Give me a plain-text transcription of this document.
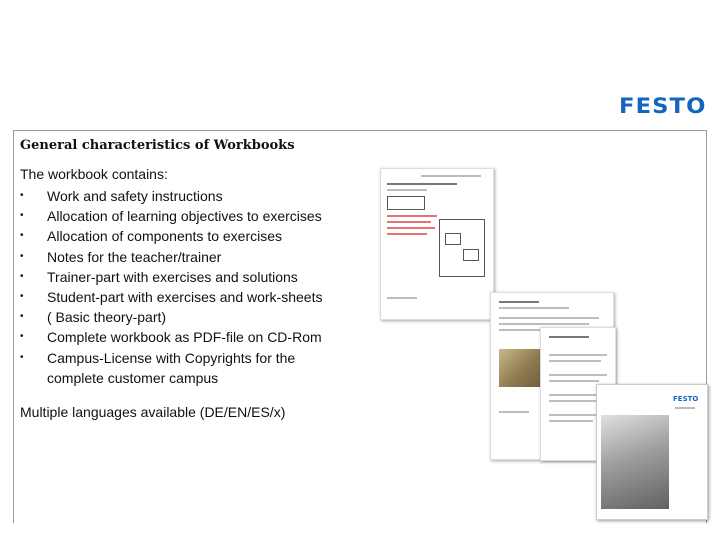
FESTO
General characteristics of Workbooks
The workbook contains:
• Work and safety instructions
• Allocation of learning objectives to exercises
• Allocation of components to exercises
• Notes for the teacher/trainer
• Trainer-part with exercises and solutions
• Student-part with exercises and work-sheets
• ( Basic theory-part)
• Complete workbook as PDF-file on CD-Rom
• Campus-License with Copyrights for the complete customer campus
Multiple languages available (DE/EN/ES/x)
FESTO
